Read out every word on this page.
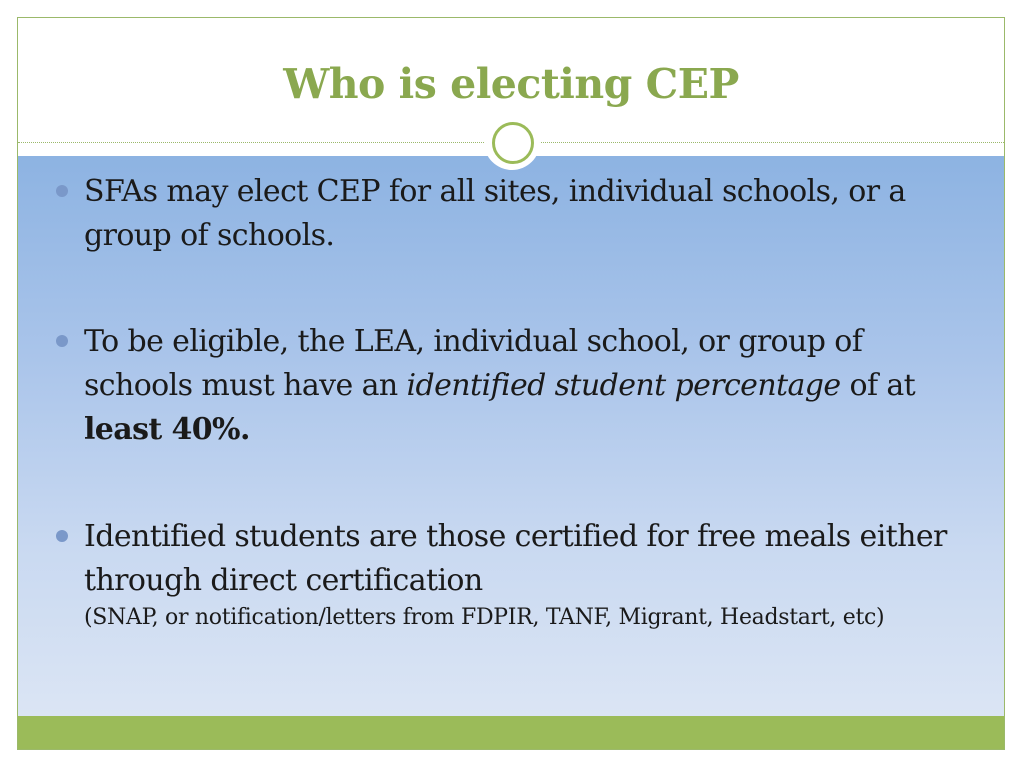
Who is electing CEP
SFAs may elect CEP for all sites, individual schools, or a group of schools.
To be eligible, the LEA, individual school, or group of schools must have an identified student percentage of at least 40%.
Identified students are those certified for free meals either through direct certification
(SNAP, or notification/letters from FDPIR, TANF, Migrant, Headstart, etc)
